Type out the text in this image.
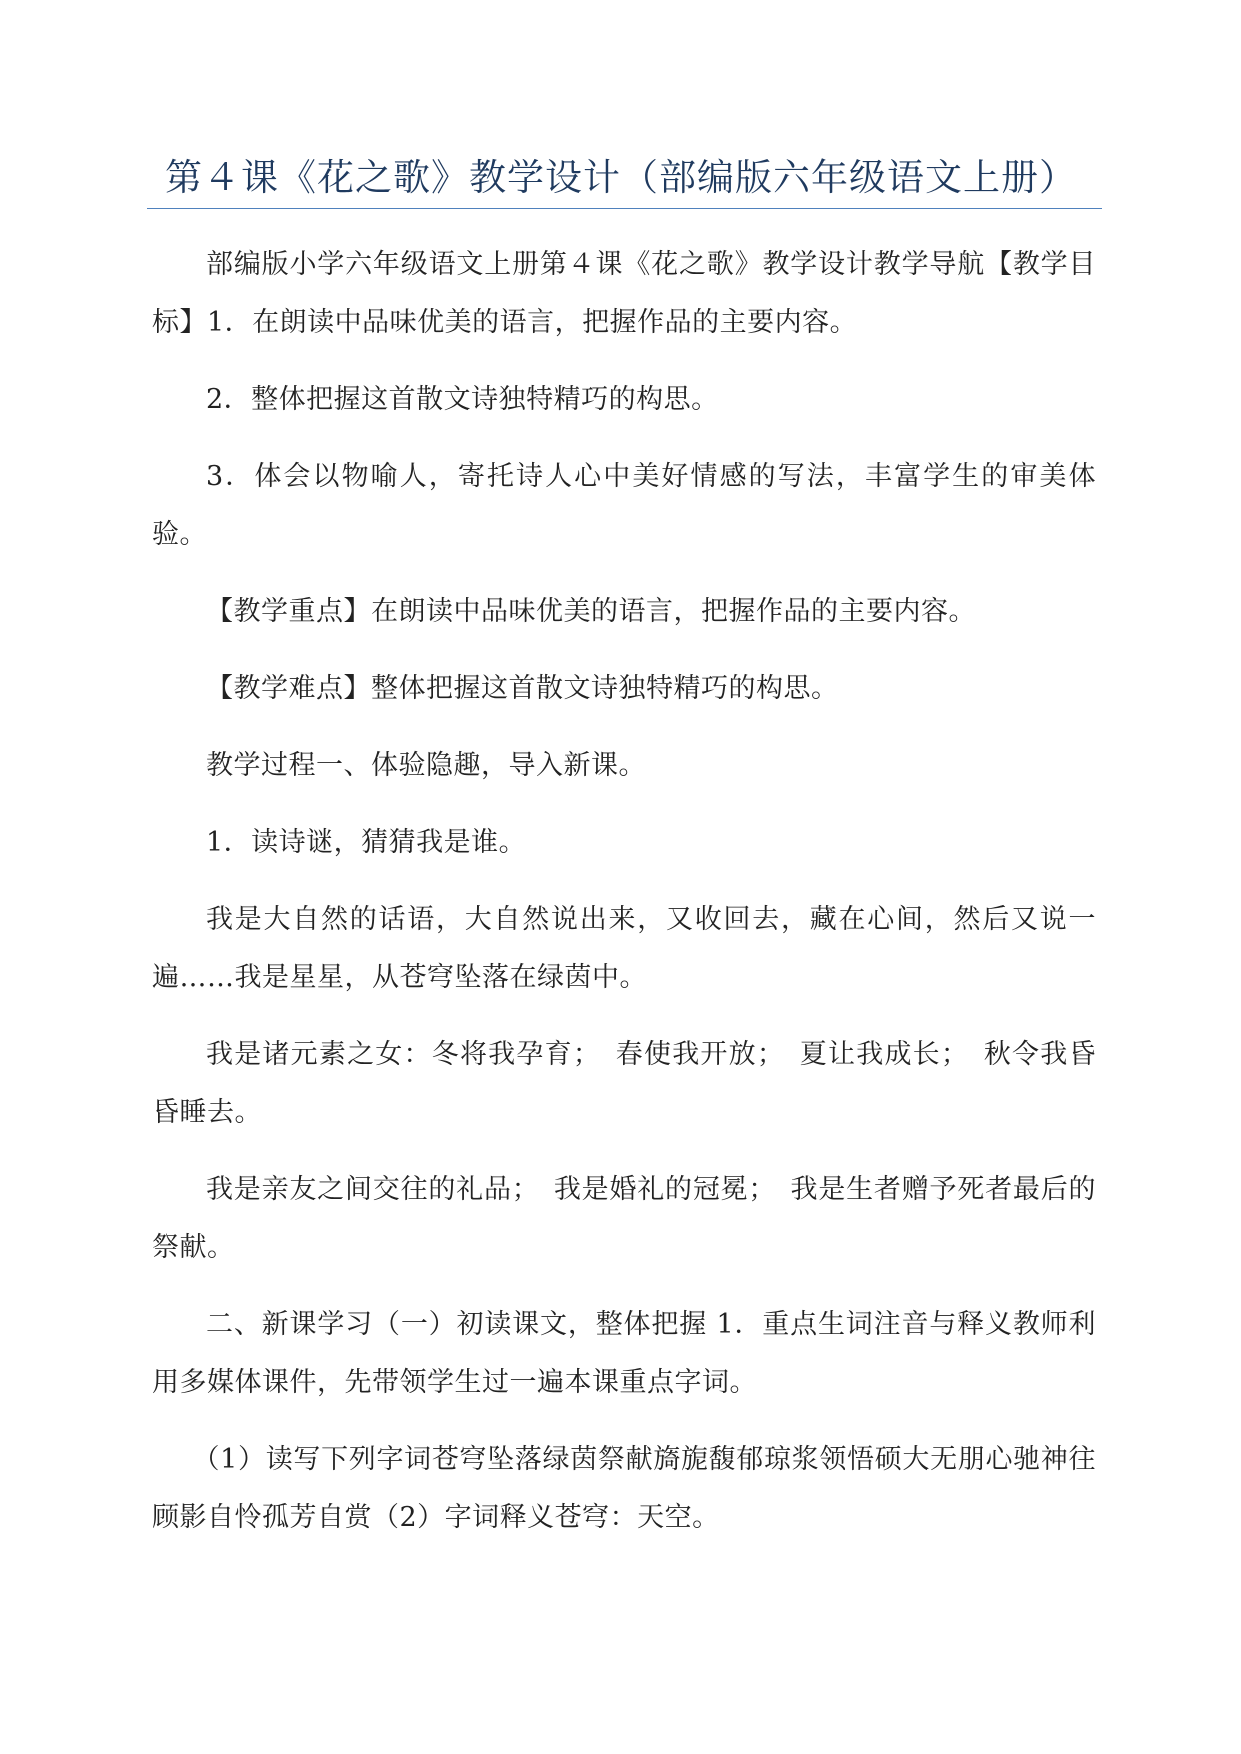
第４课《花之歌》教学设计（部编版六年级语文上册）

部编版小学六年级语文上册第４课《花之歌》教学设计教学导航【教学目标】1．在朗读中品味优美的语言，把握作品的主要内容。

2．整体把握这首散文诗独特精巧的构思。

3．体会以物喻人，寄托诗人心中美好情感的写法，丰富学生的审美体验。

【教学重点】在朗读中品味优美的语言，把握作品的主要内容。

【教学难点】整体把握这首散文诗独特精巧的构思。

教学过程一、体验隐趣，导入新课。

1．读诗谜，猜猜我是谁。

我是大自然的话语，大自然说出来，又收回去，藏在心间，然后又说一遍……我是星星，从苍穹坠落在绿茵中。

我是诸元素之女：冬将我孕育；　春使我开放；　夏让我成长；　秋令我昏昏睡去。

我是亲友之间交往的礼品；　我是婚礼的冠冕；　我是生者赠予死者最后的祭献。

二、新课学习（一）初读课文，整体把握 1．重点生词注音与释义教师利用多媒体课件，先带领学生过一遍本课重点字词。

（1）读写下列字词苍穹坠落绿茵祭献旖旎馥郁琼浆领悟硕大无朋心驰神往顾影自怜孤芳自赏（2）字词释义苍穹：天空。
